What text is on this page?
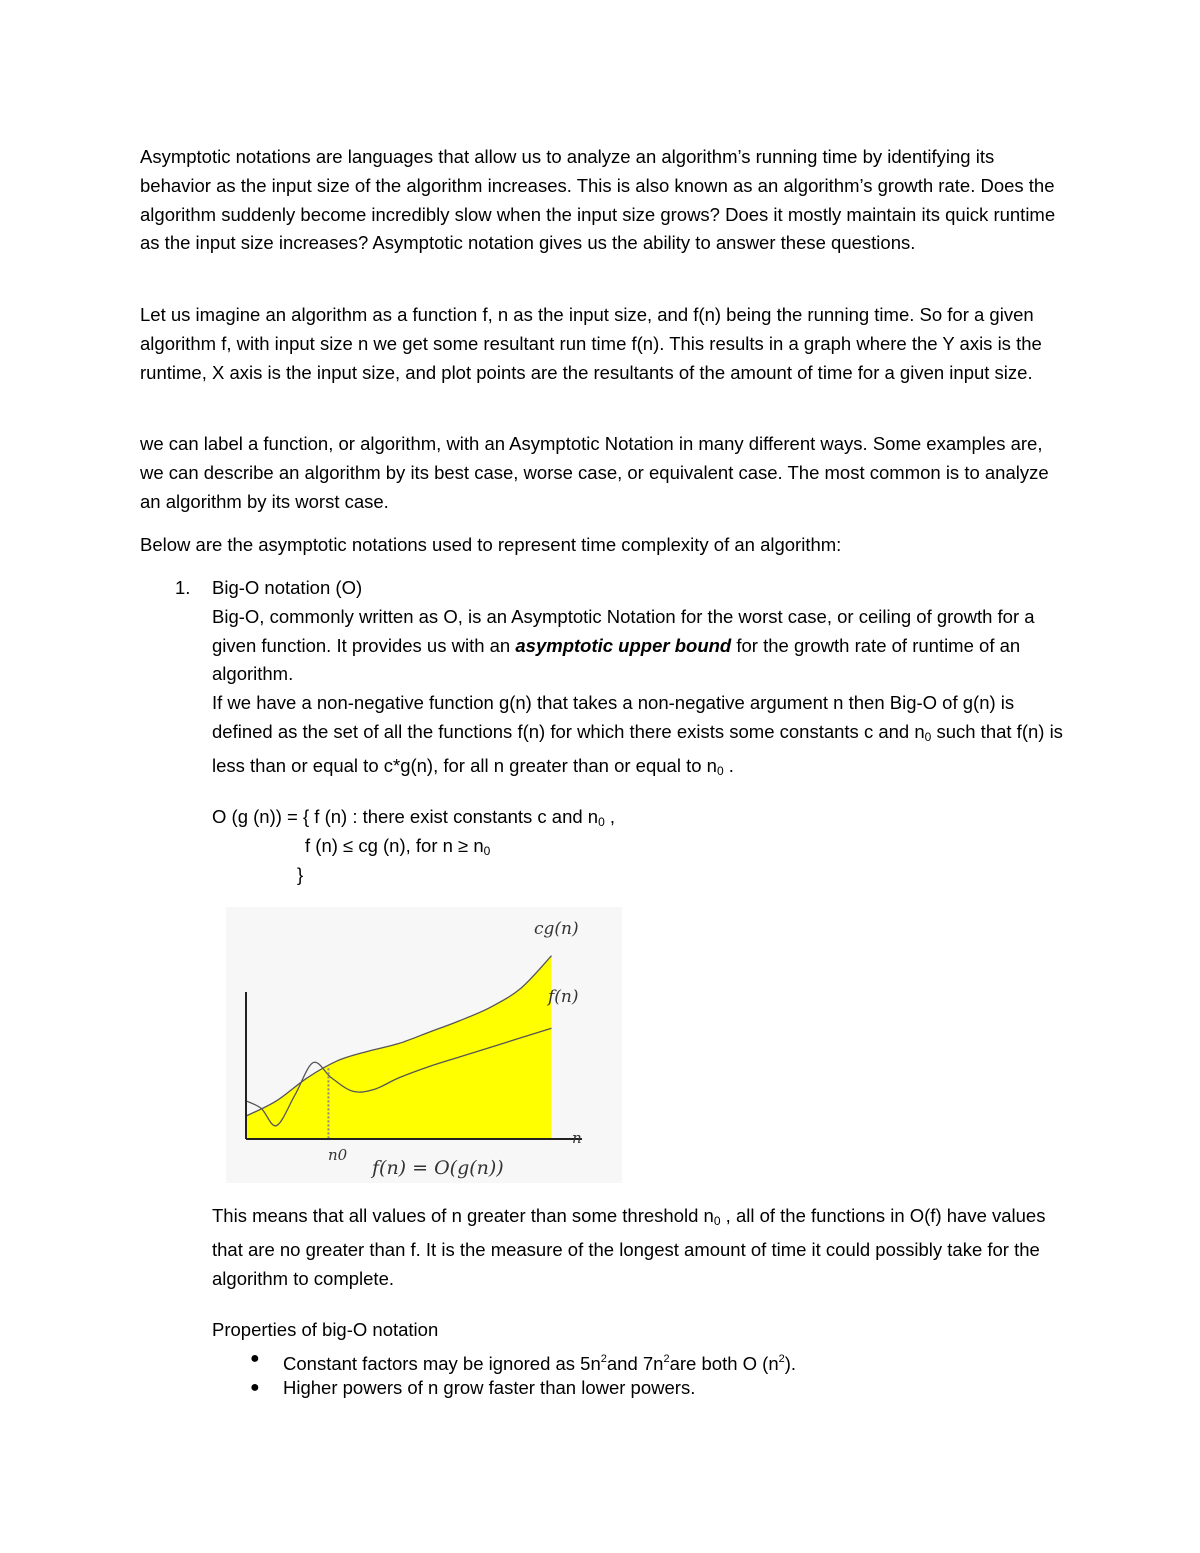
Asymptotic notations are languages that allow us to analyze an algorithm’s running time by identifying its behavior as the input size of the algorithm increases. This is also known as an algorithm’s growth rate. Does the algorithm suddenly become incredibly slow when the input size grows? Does it mostly maintain its quick runtime as the input size increases? Asymptotic notation gives us the ability to answer these questions.

Let us imagine an algorithm as a function f, n as the input size, and f(n) being the running time. So for a given algorithm f, with input size n we get some resultant run time f(n). This results in a graph where the Y axis is the runtime, X axis is the input size, and plot points are the resultants of the amount of time for a given input size.

we can label a function, or algorithm, with an Asymptotic Notation in many different ways. Some examples are, we can describe an algorithm by its best case, worse case, or equivalent case. The most common is to analyze an algorithm by its worst case.

Below are the asymptotic notations used to represent time complexity of an algorithm:

1. Big-O notation (O)
Big-O, commonly written as O, is an Asymptotic Notation for the worst case, or ceiling of growth for a given function. It provides us with an asymptotic upper bound for the growth rate of runtime of an algorithm.
If we have a non-negative function g(n) that takes a non-negative argument n then Big-O of g(n) is defined as the set of all the functions f(n) for which there exists some constants c and n0 such that f(n) is less than or equal to c*g(n), for all n greater than or equal to n0 .
O (g (n)) = { f (n) : there exist constants c and n0 ,
f (n) ≤ cg (n), for n ≥ n0
}
cg(n)
f(n)
n
n0
f(n) = O(g(n))

This means that all values of n greater than some threshold n0 , all of the functions in O(f) have values that are no greater than f. It is the measure of the longest amount of time it could possibly take for the algorithm to complete.

Properties of big-O notation

● Constant factors may be ignored as $5n^2and$ $7n^2are$ both O $(n^2)$.
● Higher powers of n grow faster than lower powers.
